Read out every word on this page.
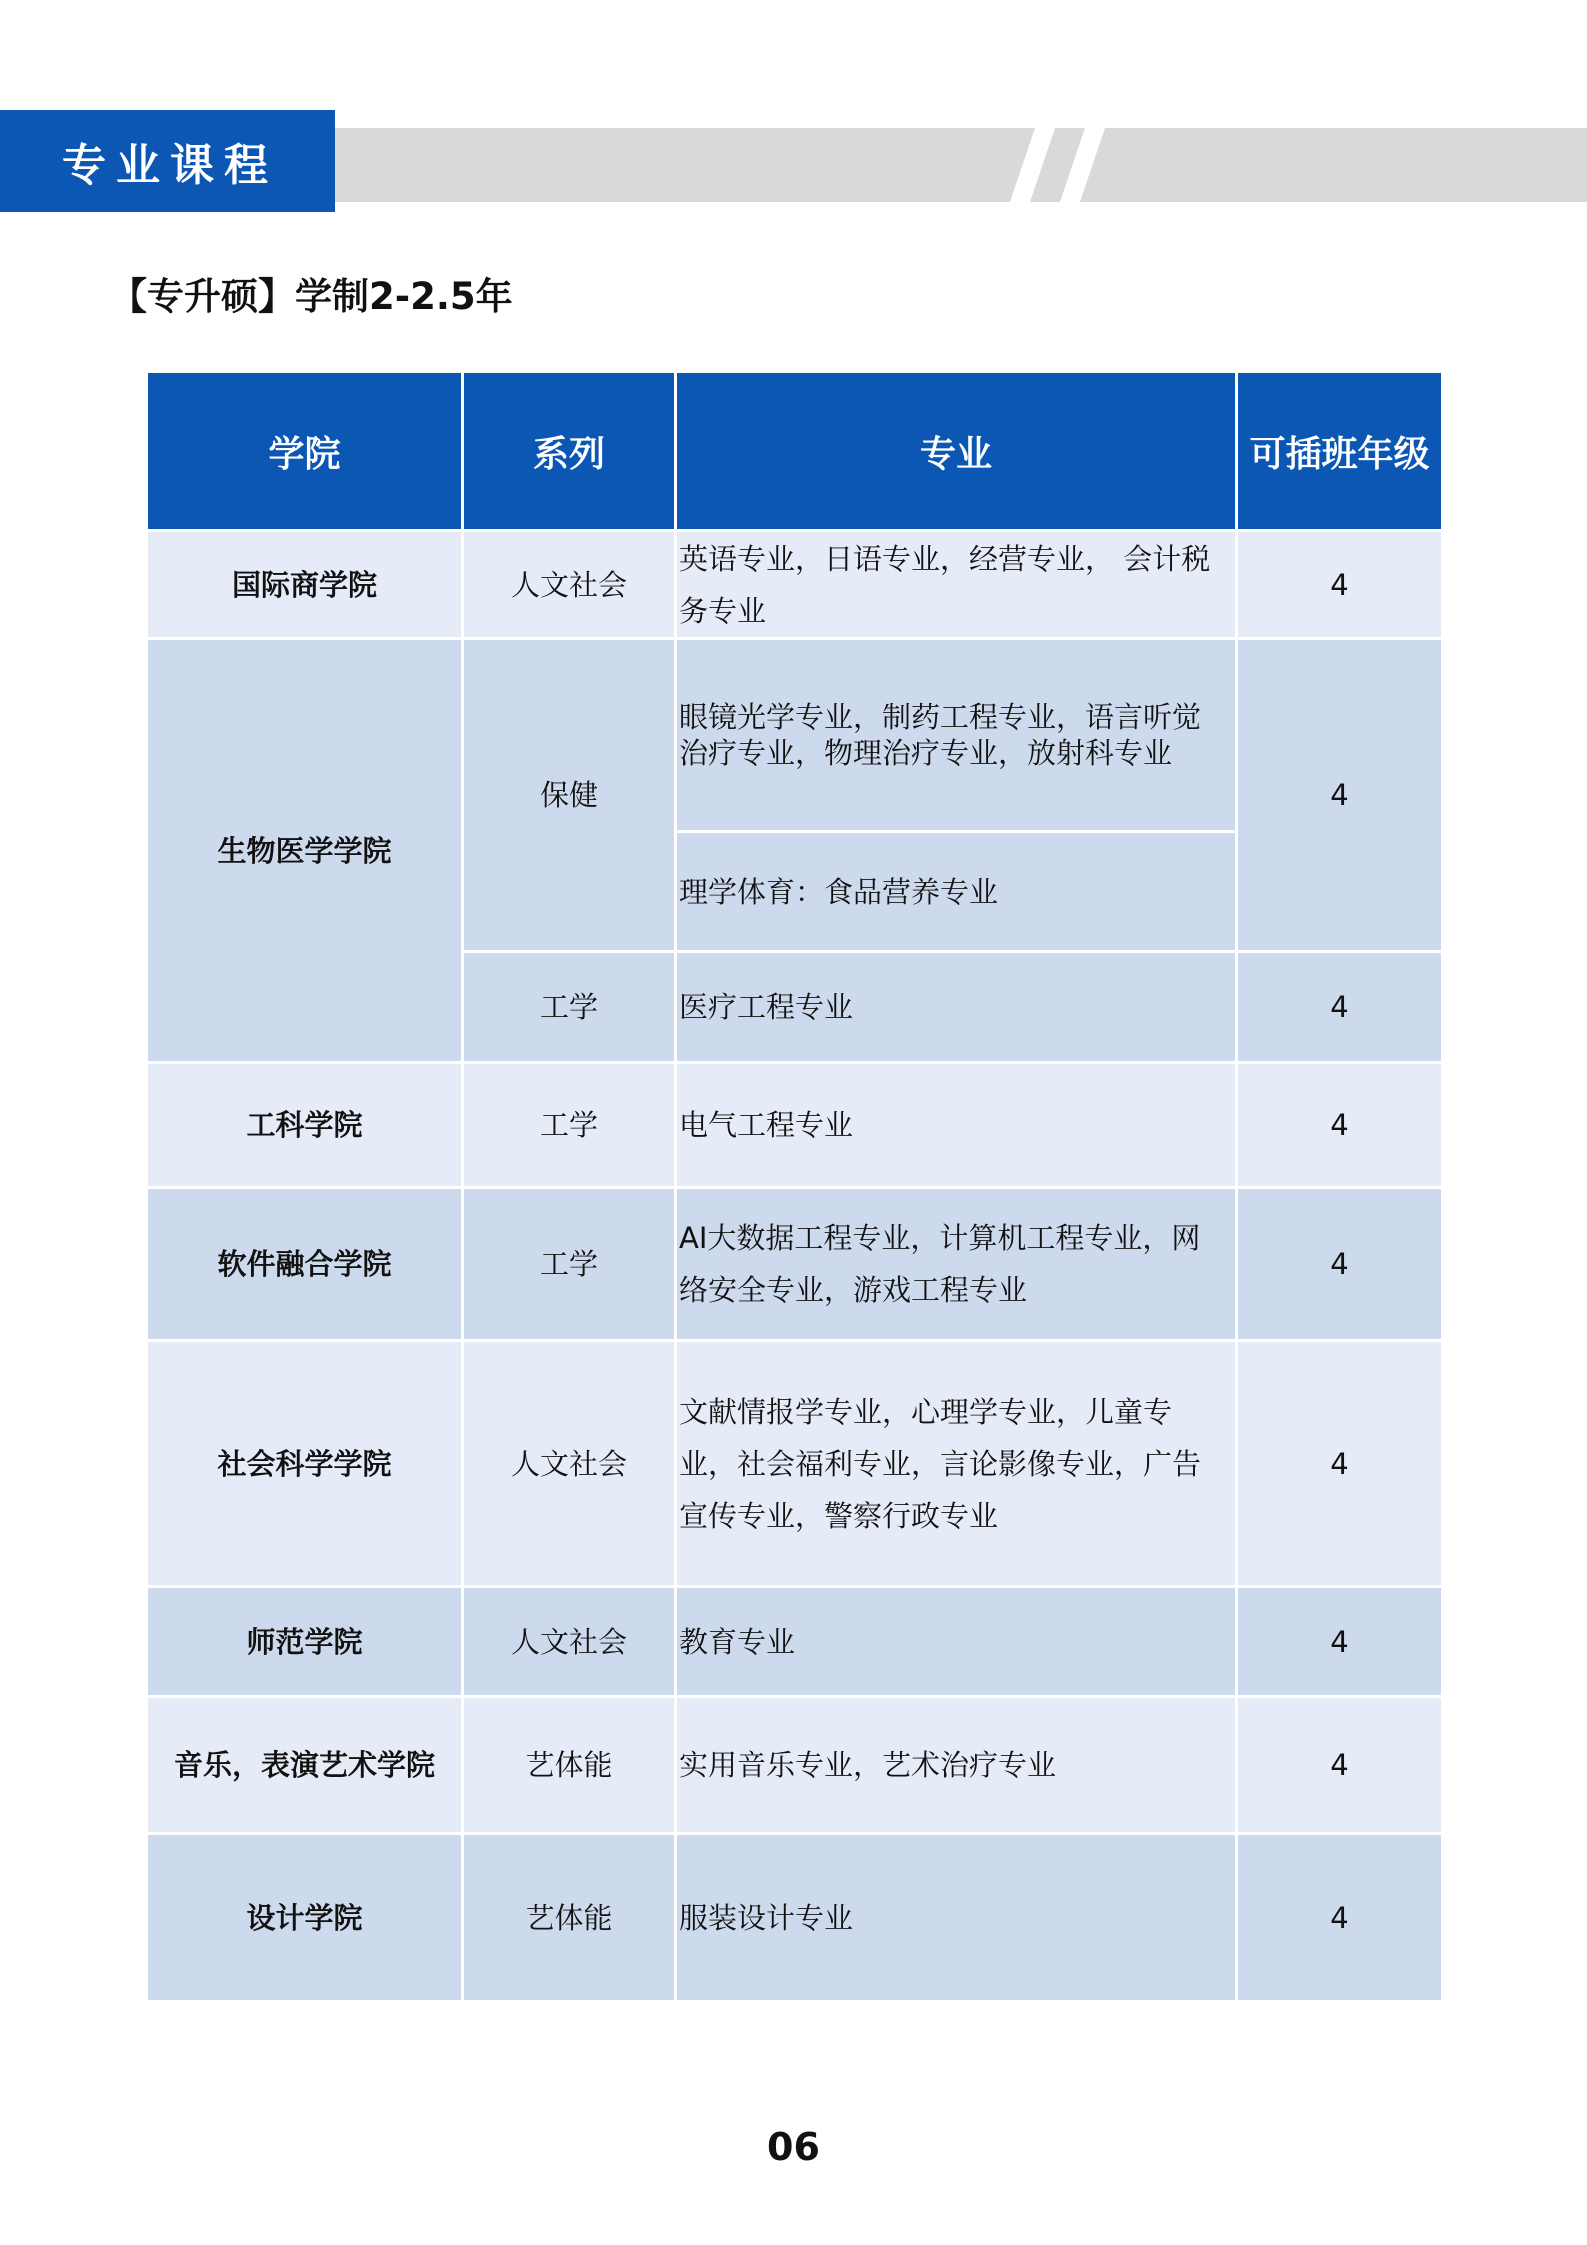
专业课程
【专升硕】学制2-2.5年
学院	系列	专业	可插班年级
国际商学院	人文社会	英语专业，日语专业，经营专业， 会计税务专业	4
生物医学学院	保健	眼镜光学专业，制药工程专业，语言听觉治疗专业，物理治疗专业，放射科专业	4
		理学体育：食品营养专业	
	工学	医疗工程专业	4
工科学院	工学	电气工程专业	4
软件融合学院	工学	AI大数据工程专业，计算机工程专业，网络安全专业，游戏工程专业	4
社会科学学院	人文社会	文献情报学专业，心理学专业，儿童专业，社会福利专业，言论影像专业，广告宣传专业，警察行政专业	4
师范学院	人文社会	教育专业	4
音乐，表演艺术学院	艺体能	实用音乐专业，艺术治疗专业	4
设计学院	艺体能	服装设计专业	4
06
